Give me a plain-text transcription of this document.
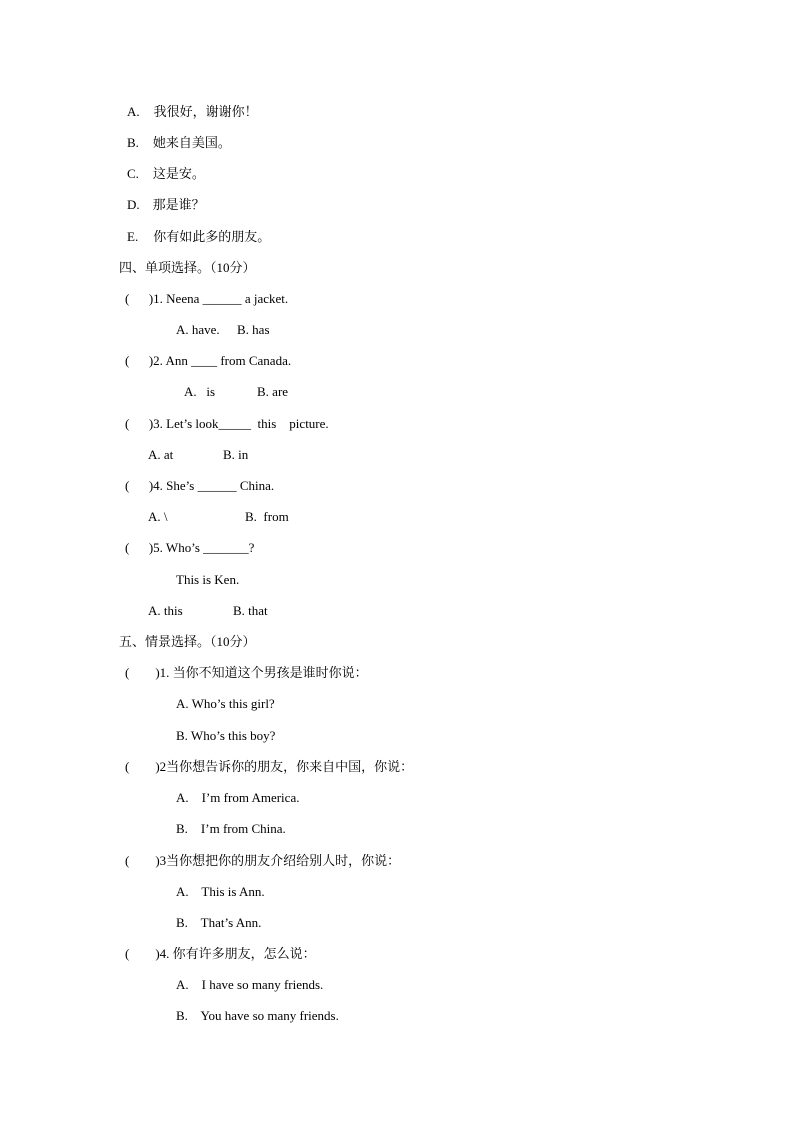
A. 我很好，谢谢你！
B. 她来自美国。
C. 这是安。
D. 那是谁？
E. 你有如此多的朋友。
四、单项选择。（10分）
(      )1. Neena ______ a jacket.
A. have. B. has
(      )2. Ann ____ from Canada.
A.   is	B. are
(      )3. Let’s look_____  this    picture.
A. at	B. in
(      )4. She’s ______ China.
A. \	B.  from
(      )5. Who’s _______?
This is Ken.
A. this	B. that
五、情景选择。（10分）
(        )1. 当你不知道这个男孩是谁时你说：
A. Who’s this girl?
B. Who’s this boy?
(        )2当你想告诉你的朋友，你来自中国，你说：
A.    I’m from America.
B.    I’m from China.
(        )3当你想把你的朋友介绍给别人时，你说：
A.    This is Ann.
B.    That’s Ann.
(        )4. 你有许多朋友，怎么说：
A.    I have so many friends.
B.    You have so many friends.
